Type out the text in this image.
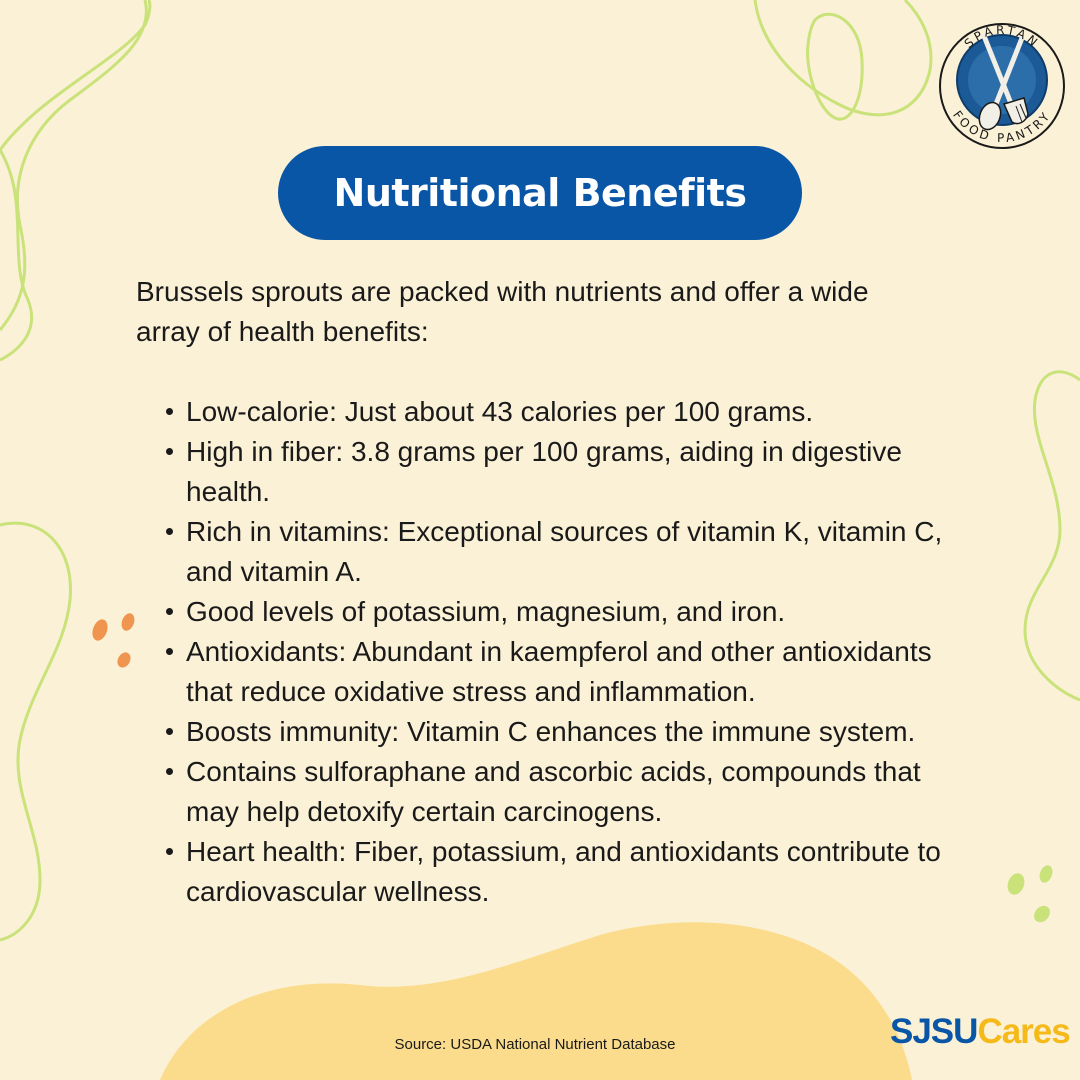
SPARTAN
FOOD PANTRY
Nutritional Benefits

Brussels sprouts are packed with nutrients and offer a wide array of health benefits:

Low-calorie: Just about 43 calories per 100 grams.
High in fiber: 3.8 grams per 100 grams, aiding in digestive health.
Rich in vitamins: Exceptional sources of vitamin K, vitamin C, and vitamin A.
Good levels of potassium, magnesium, and iron.
Antioxidants: Abundant in kaempferol and other antioxidants that reduce oxidative stress and inflammation.
Boosts immunity: Vitamin C enhances the immune system.
Contains sulforaphane and ascorbic acids, compounds that may help detoxify certain carcinogens.
Heart health: Fiber, potassium, and antioxidants contribute to cardiovascular wellness.
Source: USDA National Nutrient Database	SJSUCares
